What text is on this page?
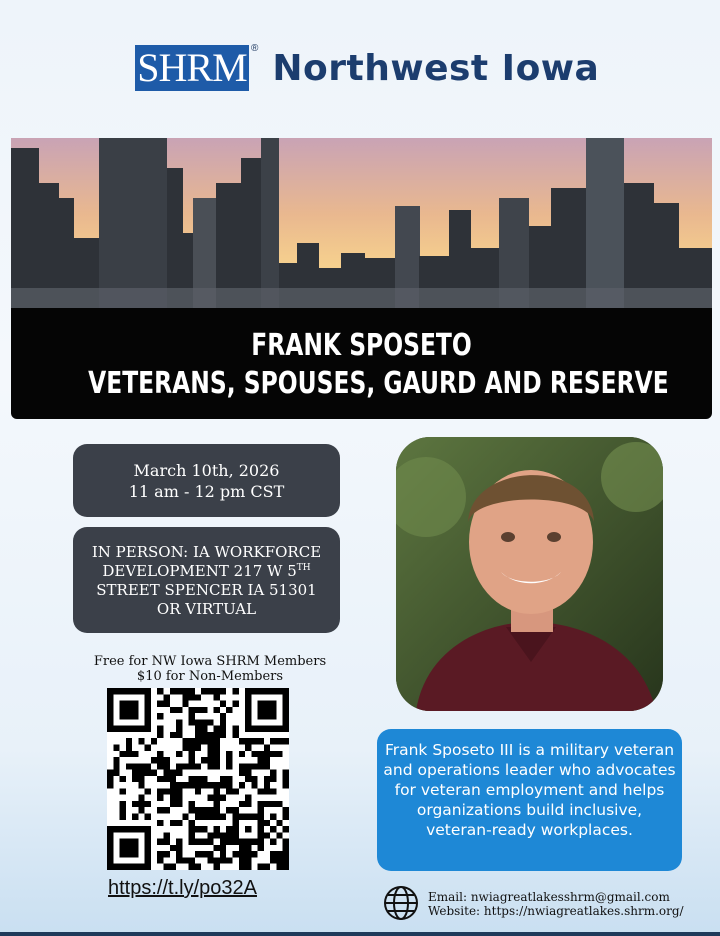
SHRM ® Northwest Iowa
FRANK SPOSETO
VETERANS, SPOUSES, GAURD AND RESERVE
March 10th, 2026
11 am - 12 pm CST
IN PERSON: IA WORKFORCE
DEVELOPMENT 217 W 5TH
STREET SPENCER IA 51301
OR VIRTUAL
Free for NW Iowa SHRM Members
$10 for Non-Members
https://t.ly/po32A
Frank Sposeto III is a military veteran and operations leader who advocates for veteran employment and helps organizations build inclusive, veteran-ready workplaces.
Email: nwiagreatlakesshrm@gmail.com
Website: https://nwiagreatlakes.shrm.org/
